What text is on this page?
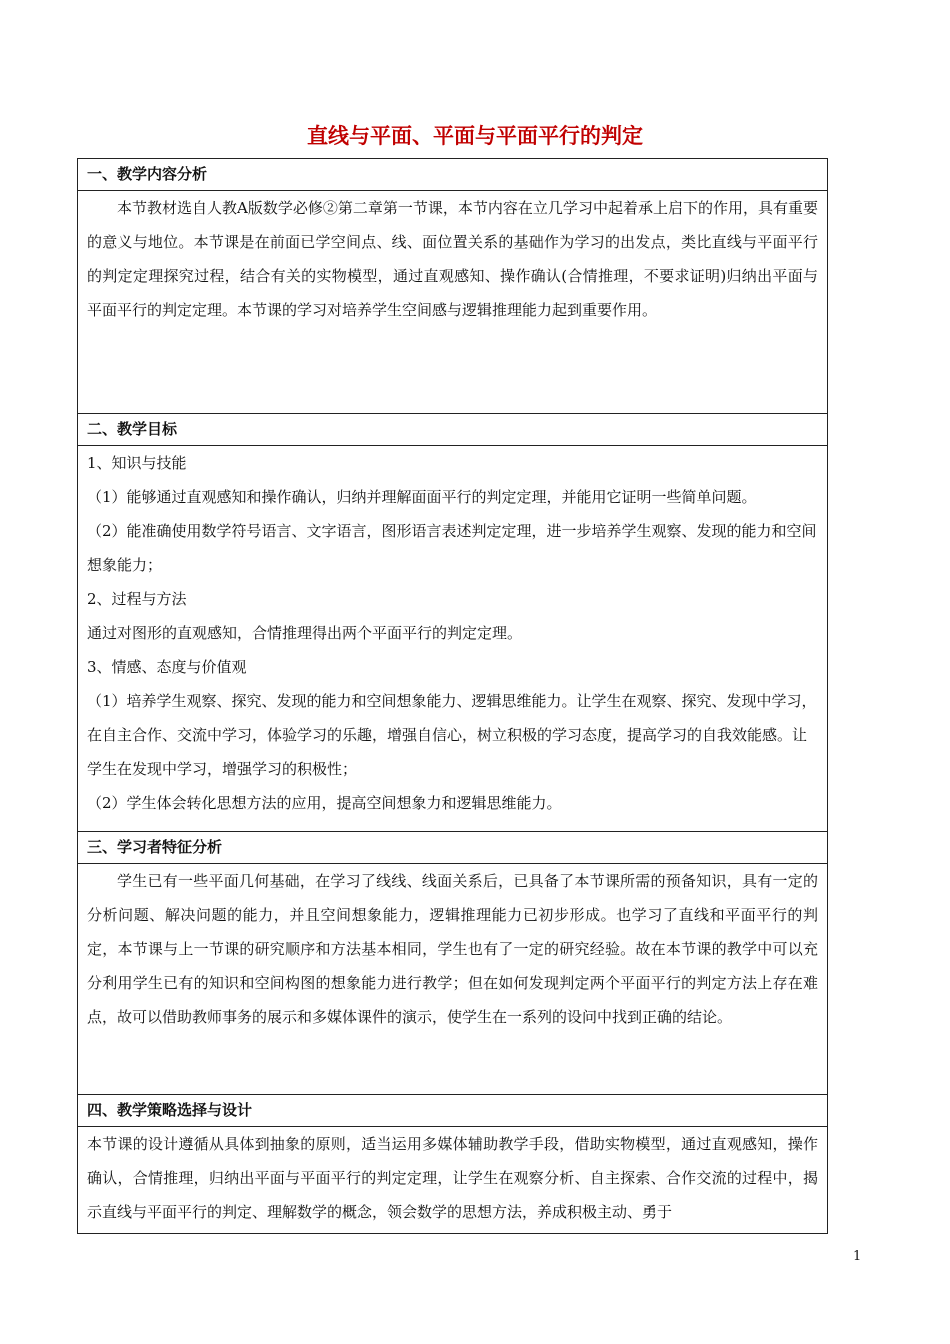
直线与平面、平面与平面平行的判定
一、教学内容分析

本节教材选自人教A版数学必修②第二章第一节课，本节内容在立几学习中起着承上启下的作用，具有重要的意义与地位。本节课是在前面已学空间点、线、面位置关系的基础作为学习的出发点，类比直线与平面平行的判定定理探究过程，结合有关的实物模型，通过直观感知、操作确认(合情推理，不要求证明)归纳出平面与平面平行的判定定理。本节课的学习对培养学生空间感与逻辑推理能力起到重要作用。

二、教学目标

1、知识与技能

（1）能够通过直观感知和操作确认，归纳并理解面面平行的判定定理，并能用它证明一些简单问题。

（2）能准确使用数学符号语言、文字语言，图形语言表述判定定理，进一步培养学生观察、发现的能力和空间想象能力；

2、过程与方法

通过对图形的直观感知，合情推理得出两个平面平行的判定定理。

3、情感、态度与价值观

（1）培养学生观察、探究、发现的能力和空间想象能力、逻辑思维能力。让学生在观察、探究、发现中学习，在自主合作、交流中学习，体验学习的乐趣，增强自信心，树立积极的学习态度，提高学习的自我效能感。让学生在发现中学习，增强学习的积极性；

（2）学生体会转化思想方法的应用，提高空间想象力和逻辑思维能力。

三、学习者特征分析

学生已有一些平面几何基础，在学习了线线、线面关系后，已具备了本节课所需的预备知识，具有一定的分析问题、解决问题的能力，并且空间想象能力，逻辑推理能力已初步形成。也学习了直线和平面平行的判定，本节课与上一节课的研究顺序和方法基本相同，学生也有了一定的研究经验。故在本节课的教学中可以充分利用学生已有的知识和空间构图的想象能力进行教学；但在如何发现判定两个平面平行的判定方法上存在难点，故可以借助教师事务的展示和多媒体课件的演示，使学生在一系列的设问中找到正确的结论。

四、教学策略选择与设计

本节课的设计遵循从具体到抽象的原则，适当运用多媒体辅助教学手段，借助实物模型，通过直观感知，操作确认，合情推理，归纳出平面与平面平行的判定定理，让学生在观察分析、自主探索、合作交流的过程中，揭示直线与平面平行的判定、理解数学的概念，领会数学的思想方法，养成积极主动、勇于

1
